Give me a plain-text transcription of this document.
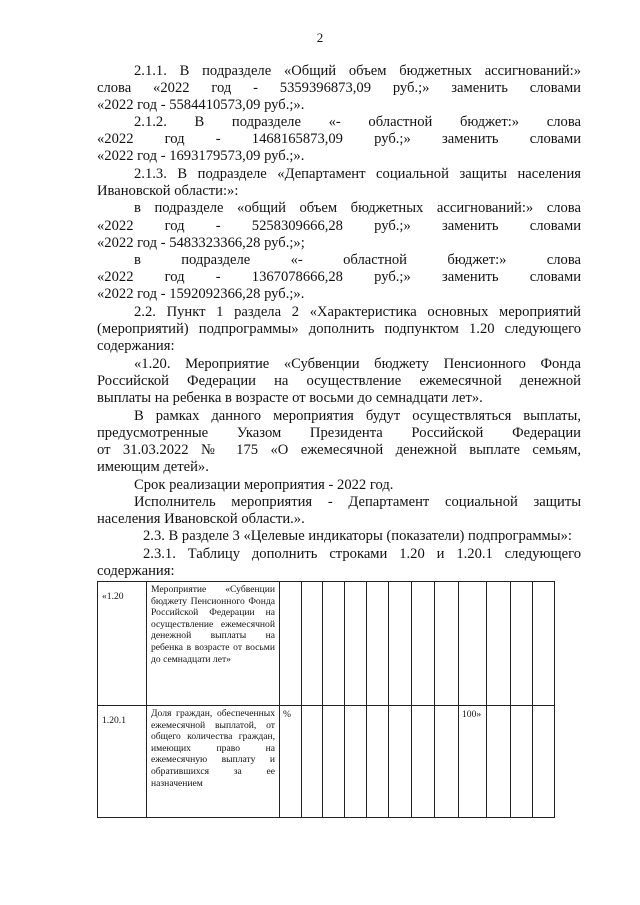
2
2.1.1. В подразделе «Общий объем бюджетных ассигнований:»
слова «2022 год - 5359396873,09 руб.;» заменить словами
«2022 год - 5584410573,09 руб.;».
2.1.2. В подразделе «- областной бюджет:» слова
«2022 год - 1468165873,09 руб.;» заменить словами
«2022 год - 1693179573,09 руб.;».
2.1.3. В подразделе «Департамент социальной защиты населения
Ивановской области:»:
в подразделе «общий объем бюджетных ассигнований:» слова
«2022 год - 5258309666,28 руб.;» заменить словами
«2022 год - 5483323366,28 руб.;»;
в подразделе «- областной бюджет:» слова
«2022 год - 1367078666,28 руб.;» заменить словами
«2022 год - 1592092366,28 руб.;».
2.2. Пункт 1 раздела 2 «Характеристика основных мероприятий
(мероприятий) подпрограммы» дополнить подпунктом 1.20 следующего
содержания:
«1.20. Мероприятие «Субвенции бюджету Пенсионного Фонда
Российской Федерации на осуществление ежемесячной денежной
выплаты на ребенка в возрасте от восьми до семнадцати лет».
В рамках данного мероприятия будут осуществляться выплаты,
предусмотренные Указом Президента Российской Федерации
от 31.03.2022 № 175 «О ежемесячной денежной выплате семьям,
имеющим детей».
Срок реализации мероприятия - 2022 год.
Исполнитель мероприятия - Департамент социальной защиты
населения Ивановской области.».
2.3. В разделе 3 «Целевые индикаторы (показатели) подпрограммы»:
2.3.1. Таблицу дополнить строками 1.20 и 1.20.1 следующего
содержания:
«1.20	Мероприятие «Субвенции бюджету Пенсионного Фонда Российской Федерации на осуществление ежемесячной денежной выплаты на ребенка в возрасте от восьми до семнадцати лет»												
1.20.1	Доля граждан, обеспеченных ежемесячной выплатой, от общего количества граждан, имеющих право на ежемесячную выплату и обратившихся за ее назначением	%								100»			
